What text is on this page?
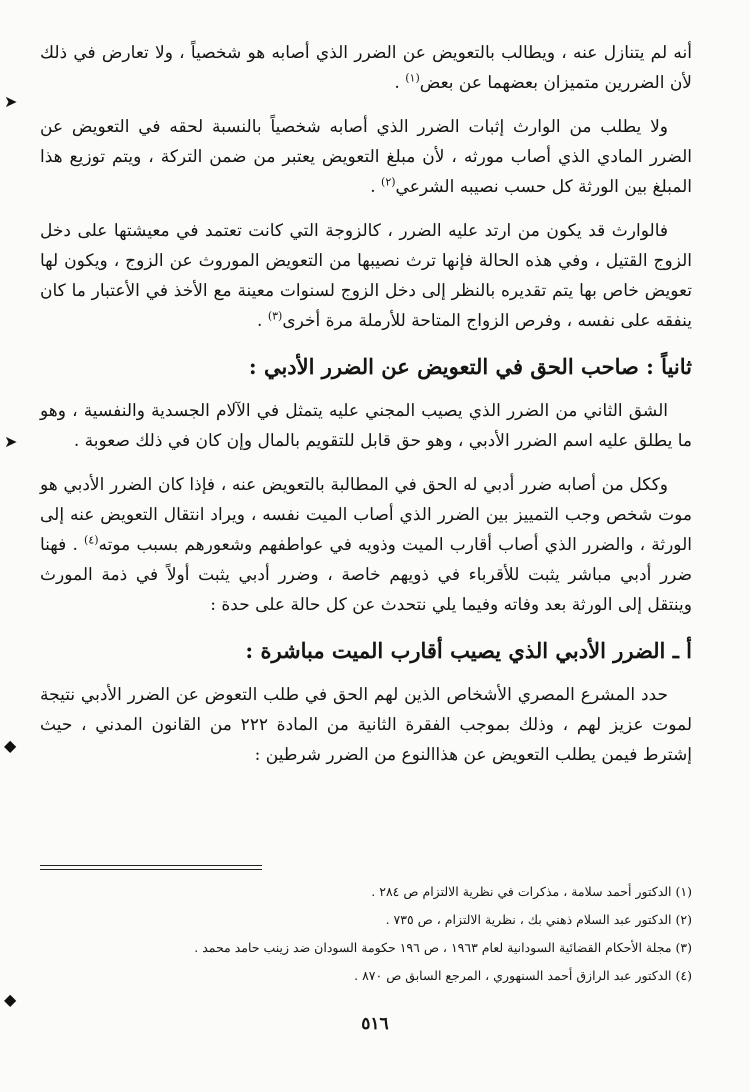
أنه لم يتنازل عنه ، ويطالب بالتعويض عن الضرر الذي أصابه هو شخصياً ، ولا تعارض في ذلك لأن الضررين متميزان بعضهما عن بعض$^{(١)}$ .

ولا يطلب من الوارث إثبات الضرر الذي أصابه شخصياً بالنسبة لحقه في التعويض عن الضرر المادي الذي أصاب مورثه ، لأن مبلغ التعويض يعتبر من ضمن التركة ، ويتم توزيع هذا المبلغ بين الورثة كل حسب نصيبه الشرعي$^{(٢)}$ .

فالوارث قد يكون من ارتد عليه الضرر ، كالزوجة التي كانت تعتمد في معيشتها على دخل الزوج القتيل ، وفي هذه الحالة فإنها ترث نصيبها من التعويض الموروث عن الزوج ، ويكون لها تعويض خاص بها يتم تقديره بالنظر إلى دخل الزوج لسنوات معينة مع الأخذ في الأعتبار ما كان ينفقه على نفسه ، وفرص الزواج المتاحة للأرملة مرة أخرى$^{(٣)}$ .

ثانياً : صاحب الحق في التعويض عن الضرر الأدبي :

الشق الثاني من الضرر الذي يصيب المجني عليه يتمثل في الآلام الجسدية والنفسية ، وهو ما يطلق عليه اسم الضرر الأدبي ، وهو حق قابل للتقويم بالمال وإن كان في ذلك صعوبة .

وككل من أصابه ضرر أدبي له الحق في المطالبة بالتعويض عنه ، فإذا كان الضرر الأدبي هو موت شخص وجب التمييز بين الضرر الذي أصاب الميت نفسه ، ويراد انتقال التعويض عنه إلى الورثة ، والضرر الذي أصاب أقارب الميت وذويه في عواطفهم وشعورهم بسبب موته$^{(٤)}$ . فهنا ضرر أدبي مباشر يثبت للأقرباء في ذويهم خاصة ، وضرر أدبي يثبت أولاً في ذمة المورث وينتقل إلى الورثة بعد وفاته وفيما يلي نتحدث عن كل حالة على حدة :

أ ـ الضرر الأدبي الذي يصيب أقارب الميت مباشرة :

حدد المشرع المصري الأشخاص الذين لهم الحق في طلب التعوض عن الضرر الأدبي نتيجة لموت عزيز لهم ، وذلك بموجب الفقرة الثانية من المادة ٢٢٢ من القانون المدني ، حيث إشترط فيمن يطلب التعويض عن هذاالنوع من الضرر شرطين :

(١) الدكتور أحمد سلامة ، مذكرات في نظرية الالتزام ص ٢٨٤ .
(٢) الدكتور عبد السلام ذهني بك ، نظرية الالتزام ، ص ٧٣٥ .
(٣) مجلة الأحكام القضائية السودانية لعام ١٩٦٣ ، ص ١٩٦ حكومة السودان ضد زينب حامد محمد .
(٤) الدكتور عبد الرازق أحمد السنهوري ، المرجع السابق ص ٨٧٠ .
٥١٦
➤
➤
◆
◆
